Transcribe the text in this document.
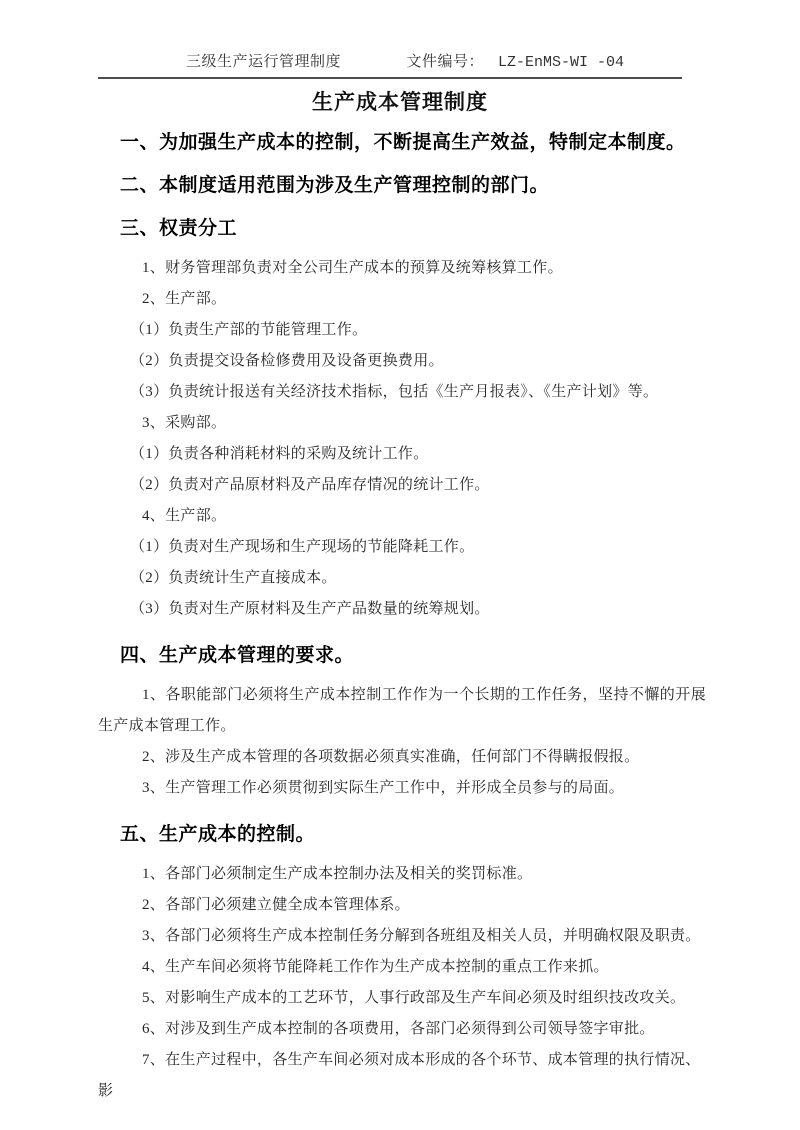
三级生产运行管理制度	文件编号： LZ-EnMS-WI -04
生产成本管理制度

一、为加强生产成本的控制，不断提高生产效益，特制定本制度。

二、本制度适用范围为涉及生产管理控制的部门。

三、权责分工

1、财务管理部负责对全公司生产成本的预算及统筹核算工作。

2、生产部。

（1）负责生产部的节能管理工作。

（2）负责提交设备检修费用及设备更换费用。

（3）负责统计报送有关经济技术指标，包括《生产月报表》、《生产计划》等。

3、采购部。

（1）负责各种消耗材料的采购及统计工作。

（2）负责对产品原材料及产品库存情况的统计工作。

4、生产部。

（1）负责对生产现场和生产现场的节能降耗工作。

（2）负责统计生产直接成本。

（3）负责对生产原材料及生产产品数量的统筹规划。

四、生产成本管理的要求。

1、各职能部门必须将生产成本控制工作作为一个长期的工作任务，坚持不懈的开展生产成本管理工作。

2、涉及生产成本管理的各项数据必须真实准确，任何部门不得瞒报假报。

3、生产管理工作必须贯彻到实际生产工作中，并形成全员参与的局面。

五、生产成本的控制。

1、各部门必须制定生产成本控制办法及相关的奖罚标准。

2、各部门必须建立健全成本管理体系。

3、各部门必须将生产成本控制任务分解到各班组及相关人员，并明确权限及职责。

4、生产车间必须将节能降耗工作作为生产成本控制的重点工作来抓。

5、对影响生产成本的工艺环节，人事行政部及生产车间必须及时组织技改攻关。

6、对涉及到生产成本控制的各项费用，各部门必须得到公司领导签字审批。

7、在生产过程中，各生产车间必须对成本形成的各个环节、成本管理的执行情况、影
